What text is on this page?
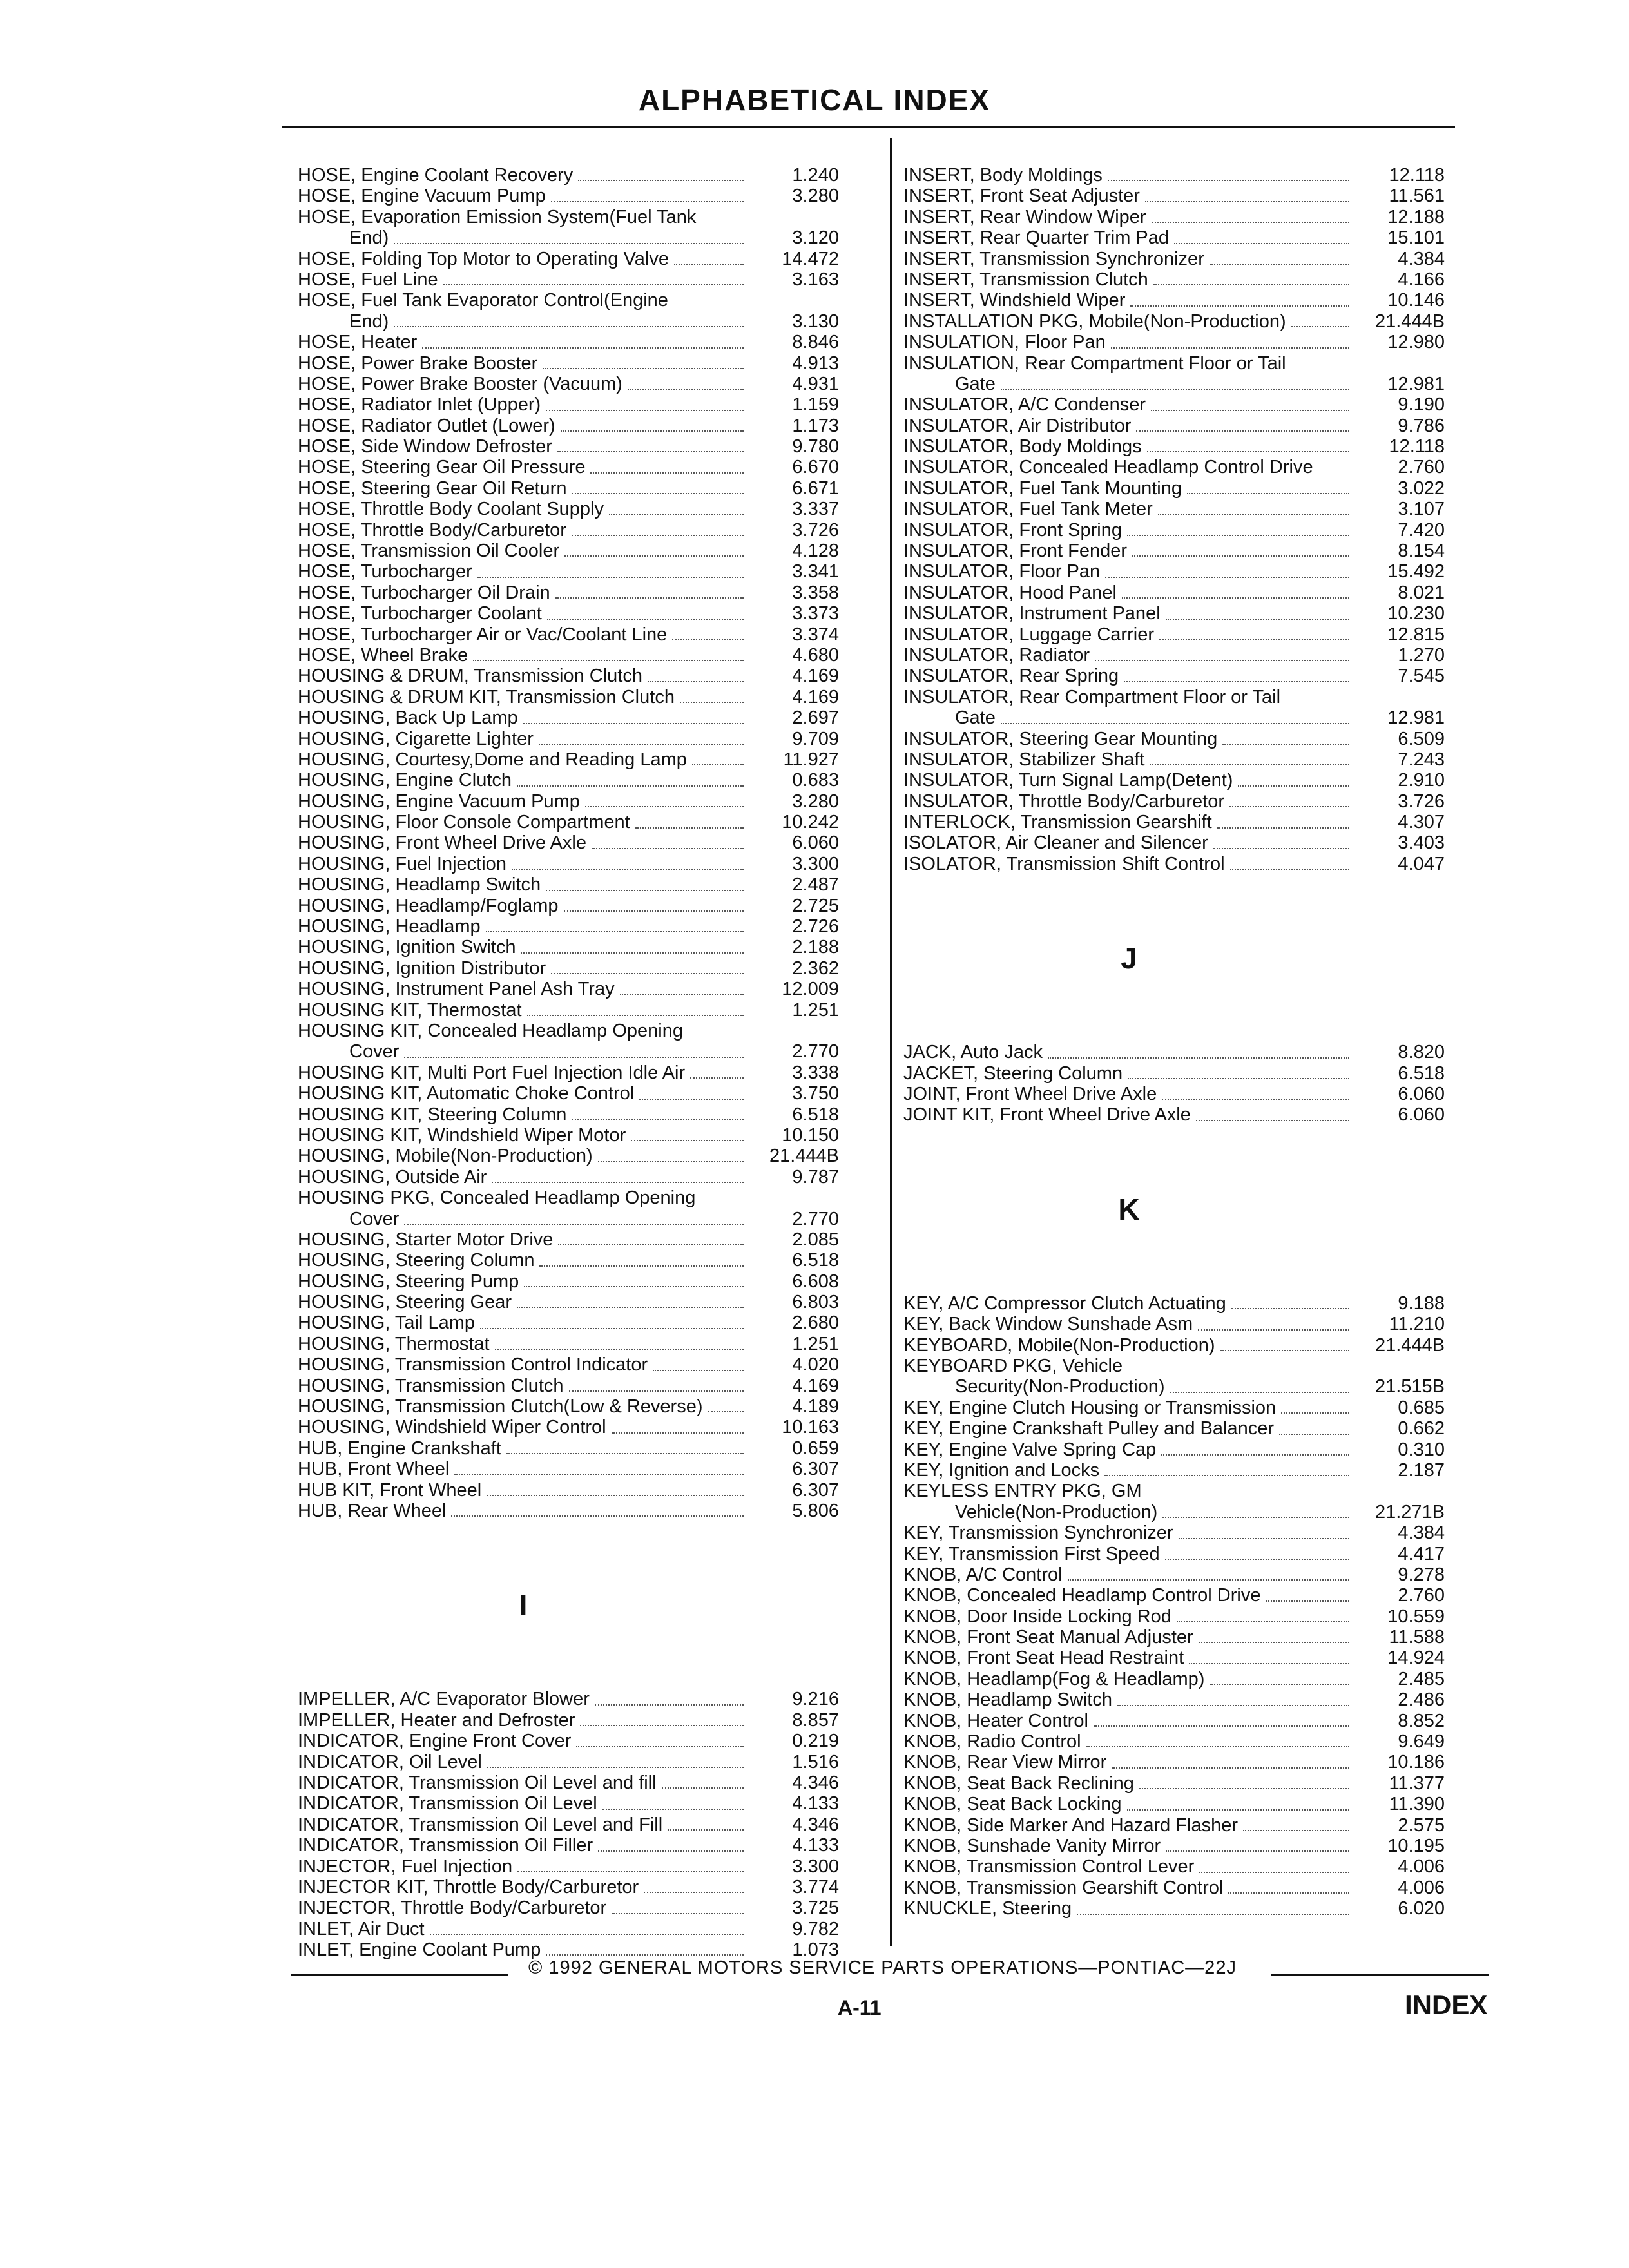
ALPHABETICAL INDEX
HOSE, Engine Coolant Recovery	1.240
HOSE, Engine Vacuum Pump	3.280
HOSE, Evaporation Emission System(Fuel Tank
End)	3.120
HOSE, Folding Top Motor to Operating Valve	14.472
HOSE, Fuel Line	3.163
HOSE, Fuel Tank Evaporator Control(Engine
End)	3.130
HOSE, Heater	8.846
HOSE, Power Brake Booster	4.913
HOSE, Power Brake Booster (Vacuum)	4.931
HOSE, Radiator Inlet (Upper)	1.159
HOSE, Radiator Outlet (Lower)	1.173
HOSE, Side Window Defroster	9.780
HOSE, Steering Gear Oil Pressure	6.670
HOSE, Steering Gear Oil Return	6.671
HOSE, Throttle Body Coolant Supply	3.337
HOSE, Throttle Body/Carburetor	3.726
HOSE, Transmission Oil Cooler	4.128
HOSE, Turbocharger	3.341
HOSE, Turbocharger Oil Drain	3.358
HOSE, Turbocharger Coolant	3.373
HOSE, Turbocharger Air or Vac/Coolant Line	3.374
HOSE, Wheel Brake	4.680
HOUSING & DRUM, Transmission Clutch	4.169
HOUSING & DRUM KIT, Transmission Clutch	4.169
HOUSING, Back Up Lamp	2.697
HOUSING, Cigarette Lighter	9.709
HOUSING, Courtesy,Dome and Reading Lamp	11.927
HOUSING, Engine Clutch	0.683
HOUSING, Engine Vacuum Pump	3.280
HOUSING, Floor Console Compartment	10.242
HOUSING, Front Wheel Drive Axle	6.060
HOUSING, Fuel Injection	3.300
HOUSING, Headlamp Switch	2.487
HOUSING, Headlamp/Foglamp	2.725
HOUSING, Headlamp	2.726
HOUSING, Ignition Switch	2.188
HOUSING, Ignition Distributor	2.362
HOUSING, Instrument Panel Ash Tray	12.009
HOUSING KIT, Thermostat	1.251
HOUSING KIT, Concealed Headlamp Opening
Cover	2.770
HOUSING KIT, Multi Port Fuel Injection Idle Air	3.338
HOUSING KIT, Automatic Choke Control	3.750
HOUSING KIT, Steering Column	6.518
HOUSING KIT, Windshield Wiper Motor	10.150
HOUSING, Mobile(Non-Production)	21.444B
HOUSING, Outside Air	9.787
HOUSING PKG, Concealed Headlamp Opening
Cover	2.770
HOUSING, Starter Motor Drive	2.085
HOUSING, Steering Column	6.518
HOUSING, Steering Pump	6.608
HOUSING, Steering Gear	6.803
HOUSING, Tail Lamp	2.680
HOUSING, Thermostat	1.251
HOUSING, Transmission Control Indicator	4.020
HOUSING, Transmission Clutch	4.169
HOUSING, Transmission Clutch(Low & Reverse)	4.189
HOUSING, Windshield Wiper Control	10.163
HUB, Engine Crankshaft	0.659
HUB, Front Wheel	6.307
HUB KIT, Front Wheel	6.307
HUB, Rear Wheel	5.806
I
IMPELLER, A/C Evaporator Blower	9.216
IMPELLER, Heater and Defroster	8.857
INDICATOR, Engine Front Cover	0.219
INDICATOR, Oil Level	1.516
INDICATOR, Transmission Oil Level and fill	4.346
INDICATOR, Transmission Oil Level	4.133
INDICATOR, Transmission Oil Level and Fill	4.346
INDICATOR, Transmission Oil Filler	4.133
INJECTOR, Fuel Injection	3.300
INJECTOR KIT, Throttle Body/Carburetor	3.774
INJECTOR, Throttle Body/Carburetor	3.725
INLET, Air Duct	9.782
INLET, Engine Coolant Pump	1.073
INSERT, Body Moldings	12.118
INSERT, Front Seat Adjuster	11.561
INSERT, Rear Window Wiper	12.188
INSERT, Rear Quarter Trim Pad	15.101
INSERT, Transmission Synchronizer	4.384
INSERT, Transmission Clutch	4.166
INSERT, Windshield Wiper	10.146
INSTALLATION PKG, Mobile(Non-Production)	21.444B
INSULATION, Floor Pan	12.980
INSULATION, Rear Compartment Floor or Tail
Gate	12.981
INSULATOR, A/C Condenser	9.190
INSULATOR, Air Distributor	9.786
INSULATOR, Body Moldings	12.118
INSULATOR, Concealed Headlamp Control Drive	2.760
INSULATOR, Fuel Tank Mounting	3.022
INSULATOR, Fuel Tank Meter	3.107
INSULATOR, Front Spring	7.420
INSULATOR, Front Fender	8.154
INSULATOR, Floor Pan	15.492
INSULATOR, Hood Panel	8.021
INSULATOR, Instrument Panel	10.230
INSULATOR, Luggage Carrier	12.815
INSULATOR, Radiator	1.270
INSULATOR, Rear Spring	7.545
INSULATOR, Rear Compartment Floor or Tail
Gate	12.981
INSULATOR, Steering Gear Mounting	6.509
INSULATOR, Stabilizer Shaft	7.243
INSULATOR, Turn Signal Lamp(Detent)	2.910
INSULATOR, Throttle Body/Carburetor	3.726
INTERLOCK, Transmission Gearshift	4.307
ISOLATOR, Air Cleaner and Silencer	3.403
ISOLATOR, Transmission Shift Control	4.047
J
JACK, Auto Jack	8.820
JACKET, Steering Column	6.518
JOINT, Front Wheel Drive Axle	6.060
JOINT KIT, Front Wheel Drive Axle	6.060
K
KEY, A/C Compressor Clutch Actuating	9.188
KEY, Back Window Sunshade Asm	11.210
KEYBOARD, Mobile(Non-Production)	21.444B
KEYBOARD PKG, Vehicle
Security(Non-Production)	21.515B
KEY, Engine Clutch Housing or Transmission	0.685
KEY, Engine Crankshaft Pulley and Balancer	0.662
KEY, Engine Valve Spring Cap	0.310
KEY, Ignition and Locks	2.187
KEYLESS ENTRY PKG, GM
Vehicle(Non-Production)	21.271B
KEY, Transmission Synchronizer	4.384
KEY, Transmission First Speed	4.417
KNOB, A/C Control	9.278
KNOB, Concealed Headlamp Control Drive	2.760
KNOB, Door Inside Locking Rod	10.559
KNOB, Front Seat Manual Adjuster	11.588
KNOB, Front Seat Head Restraint	14.924
KNOB, Headlamp(Fog & Headlamp)	2.485
KNOB, Headlamp Switch	2.486
KNOB, Heater Control	8.852
KNOB, Radio Control	9.649
KNOB, Rear View Mirror	10.186
KNOB, Seat Back Reclining	11.377
KNOB, Seat Back Locking	11.390
KNOB, Side Marker And Hazard Flasher	2.575
KNOB, Sunshade Vanity Mirror	10.195
KNOB, Transmission Control Lever	4.006
KNOB, Transmission Gearshift Control	4.006
KNUCKLE, Steering	6.020
© 1992 GENERAL MOTORS SERVICE PARTS OPERATIONS—PONTIAC—22J
A-11	INDEX
